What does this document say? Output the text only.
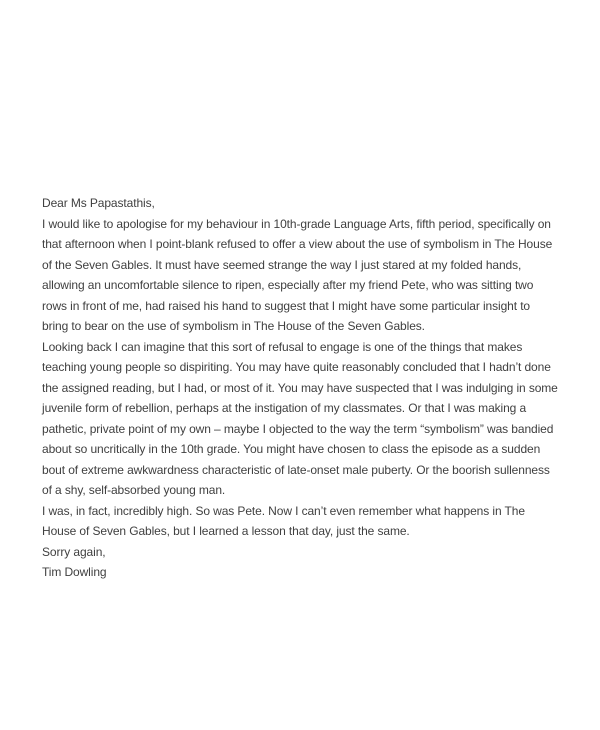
Dear Ms Papastathis,

I would like to apologise for my behaviour in 10th-grade Language Arts, fifth period, specifically on that afternoon when I point-blank refused to offer a view about the use of symbolism in The House of the Seven Gables. It must have seemed strange the way I just stared at my folded hands, allowing an uncomfortable silence to ripen, especially after my friend Pete, who was sitting two rows in front of me, had raised his hand to suggest that I might have some particular insight to bring to bear on the use of symbolism in The House of the Seven Gables.

Looking back I can imagine that this sort of refusal to engage is one of the things that makes teaching young people so dispiriting. You may have quite reasonably concluded that I hadn’t done the assigned reading, but I had, or most of it. You may have suspected that I was indulging in some juvenile form of rebellion, perhaps at the instigation of my classmates. Or that I was making a pathetic, private point of my own – maybe I objected to the way the term “symbolism” was bandied about so uncritically in the 10th grade. You might have chosen to class the episode as a sudden bout of extreme awkwardness characteristic of late-onset male puberty. Or the boorish sullenness of a shy, self-absorbed young man.

I was, in fact, incredibly high. So was Pete. Now I can’t even remember what happens in The House of Seven Gables, but I learned a lesson that day, just the same.

Sorry again,

Tim Dowling
